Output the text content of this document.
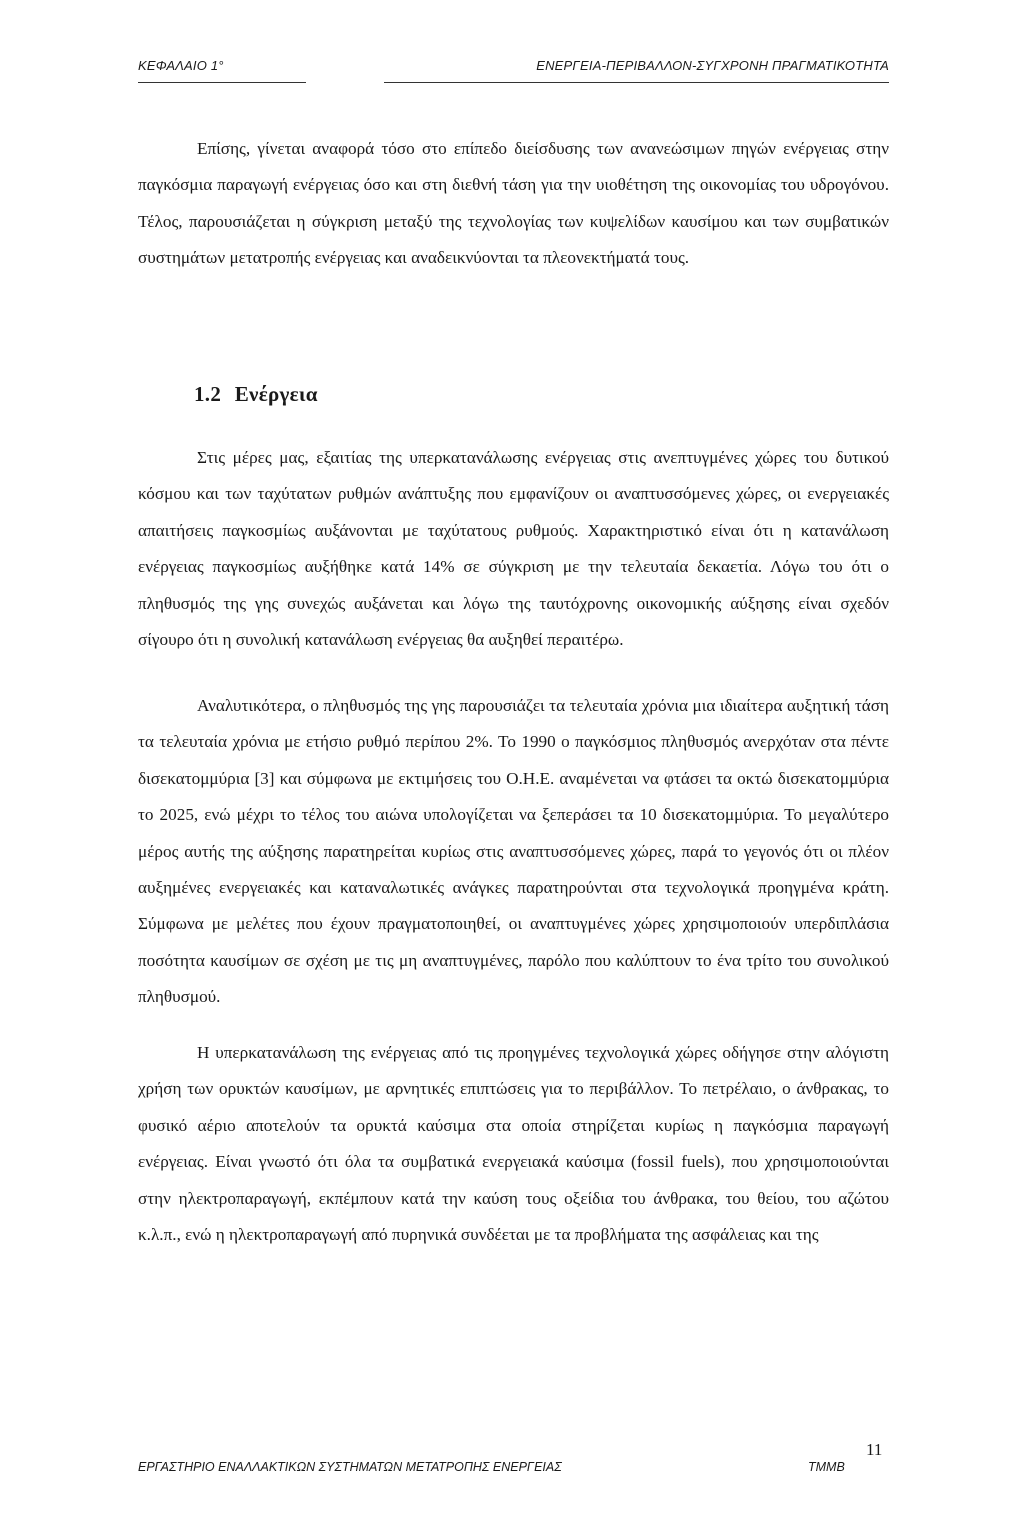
ΚΕΦΑΛΑΙΟ 1°	ΕΝΕΡΓΕΙΑ-ΠΕΡΙΒΑΛΛΟΝ-ΣΥΓΧΡΟΝΗ ΠΡΑΓΜΑΤΙΚΟΤΗΤΑ

Επίσης, γίνεται αναφορά τόσο στο επίπεδο διείσδυσης των ανανεώσιμων πηγών ενέργειας στην παγκόσμια παραγωγή ενέργειας όσο και στη διεθνή τάση για την υιοθέτηση της οικονομίας του υδρογόνου. Τέλος, παρουσιάζεται η σύγκριση μεταξύ της τεχνολογίας των κυψελίδων καυσίμου και των συμβατικών συστημάτων μετατροπής ενέργειας και αναδεικνύονται τα πλεονεκτήματά τους.

1.2 Ενέργεια

Στις μέρες μας, εξαιτίας της υπερκατανάλωσης ενέργειας στις ανεπτυγμένες χώρες του δυτικού κόσμου και των ταχύτατων ρυθμών ανάπτυξης που εμφανίζουν οι αναπτυσσόμενες χώρες, οι ενεργειακές απαιτήσεις παγκοσμίως αυξάνονται με ταχύτατους ρυθμούς. Χαρακτηριστικό είναι ότι η κατανάλωση ενέργειας παγκοσμίως αυξήθηκε κατά 14% σε σύγκριση με την τελευταία δεκαετία. Λόγω του ότι ο πληθυσμός της γης συνεχώς αυξάνεται και λόγω της ταυτόχρονης οικονομικής αύξησης είναι σχεδόν σίγουρο ότι η συνολική κατανάλωση ενέργειας θα αυξηθεί περαιτέρω.

Αναλυτικότερα, ο πληθυσμός της γης παρουσιάζει τα τελευταία χρόνια μια ιδιαίτερα αυξητική τάση τα τελευταία χρόνια με ετήσιο ρυθμό περίπου 2%. Το 1990 ο παγκόσμιος πληθυσμός ανερχόταν στα πέντε δισεκατομμύρια [3] και σύμφωνα με εκτιμήσεις του Ο.Η.Ε. αναμένεται να φτάσει τα οκτώ δισεκατομμύρια το 2025, ενώ μέχρι το τέλος του αιώνα υπολογίζεται να ξεπεράσει τα 10 δισεκατομμύρια. Το μεγαλύτερο μέρος αυτής της αύξησης παρατηρείται κυρίως στις αναπτυσσόμενες χώρες, παρά το γεγονός ότι οι πλέον αυξημένες ενεργειακές και καταναλωτικές ανάγκες παρατηρούνται στα τεχνολογικά προηγμένα κράτη. Σύμφωνα με μελέτες που έχουν πραγματοποιηθεί, οι αναπτυγμένες χώρες χρησιμοποιούν υπερδιπλάσια ποσότητα καυσίμων σε σχέση με τις μη αναπτυγμένες, παρόλο που καλύπτουν το ένα τρίτο του συνολικού πληθυσμού.

Η υπερκατανάλωση της ενέργειας από τις προηγμένες τεχνολογικά χώρες οδήγησε στην αλόγιστη χρήση των ορυκτών καυσίμων, με αρνητικές επιπτώσεις για το περιβάλλον. Το πετρέλαιο, ο άνθρακας, το φυσικό αέριο αποτελούν τα ορυκτά καύσιμα στα οποία στηρίζεται κυρίως η παγκόσμια παραγωγή ενέργειας. Είναι γνωστό ότι όλα τα συμβατικά ενεργειακά καύσιμα (fossil fuels), που χρησιμοποιούνται στην ηλεκτροπαραγωγή, εκπέμπουν κατά την καύση τους οξείδια του άνθρακα, του θείου, του αζώτου κ.λ.π., ενώ η ηλεκτροπαραγωγή από πυρηνικά συνδέεται με τα προβλήματα της ασφάλειας και της

ΕΡΓΑΣΤΗΡΙΟ ΕΝΑΛΛΑΚΤΙΚΩΝ ΣΥΣΤΗΜΑΤΩΝ ΜΕΤΑΤΡΟΠΗΣ ΕΝΕΡΓΕΙΑΣ	ΤΜΜΒ
11
